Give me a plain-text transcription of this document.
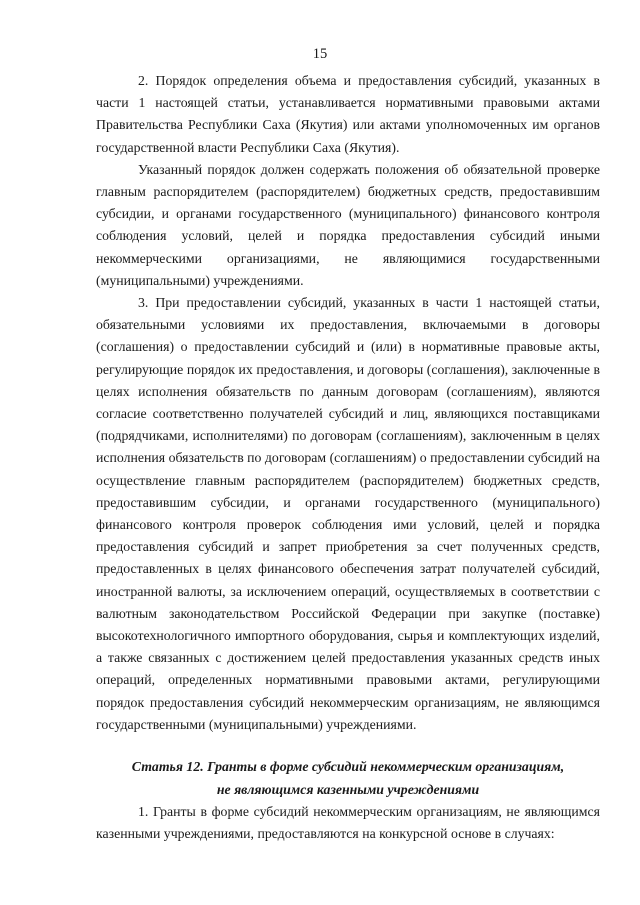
15

2. Порядок определения объема и предоставления субсидий, указанных в части 1 настоящей статьи, устанавливается нормативными правовыми актами Правительства Республики Саха (Якутия) или актами уполномоченных им органов государственной власти Республики Саха (Якутия).

Указанный порядок должен содержать положения об обязательной проверке главным распорядителем (распорядителем) бюджетных средств, предоставившим субсидии, и органами государственного (муниципального) финансового контроля соблюдения условий, целей и порядка предоставления субсидий иными некоммерческими организациями, не являющимися государственными (муниципальными) учреждениями.

3. При предоставлении субсидий, указанных в части 1 настоящей статьи, обязательными условиями их предоставления, включаемыми в договоры (соглашения) о предоставлении субсидий и (или) в нормативные правовые акты, регулирующие порядок их предоставления, и договоры (соглашения), заключенные в целях исполнения обязательств по данным договорам (соглашениям), являются согласие соответственно получателей субсидий и лиц, являющихся поставщиками (подрядчиками, исполнителями) по договорам (соглашениям), заключенным в целях исполнения обязательств по договорам (соглашениям) о предоставлении субсидий на осуществление главным распорядителем (распорядителем) бюджетных средств, предоставившим субсидии, и органами государственного (муниципального) финансового контроля проверок соблюдения ими условий, целей и порядка предоставления субсидий и запрет приобретения за счет полученных средств, предоставленных в целях финансового обеспечения затрат получателей субсидий, иностранной валюты, за исключением операций, осуществляемых в соответствии с валютным законодательством Российской Федерации при закупке (поставке) высокотехнологичного импортного оборудования, сырья и комплектующих изделий, а также связанных с достижением целей предоставления указанных средств иных операций, определенных нормативными правовыми актами, регулирующими порядок предоставления субсидий некоммерческим организациям, не являющимся государственными (муниципальными) учреждениями.

Статья 12. Гранты в форме субсидий некоммерческим организациям,
не являющимся казенными учреждениями

1. Гранты в форме субсидий некоммерческим организациям, не являющимся казенными учреждениями, предоставляются на конкурсной основе в случаях:
